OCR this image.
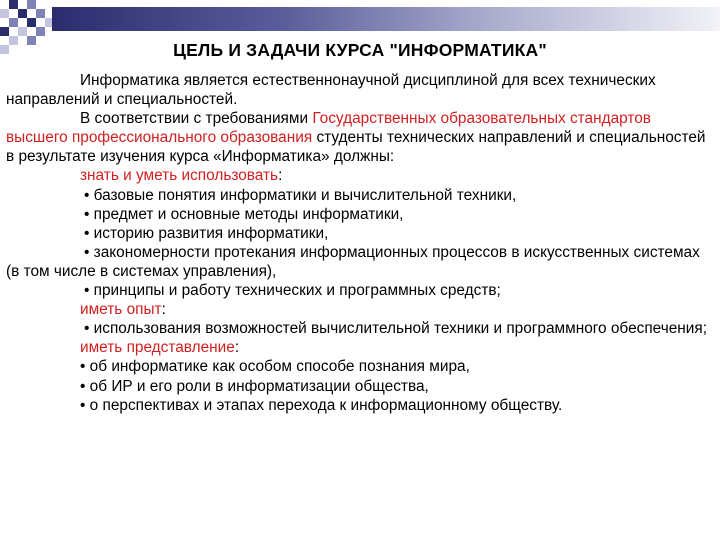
ЦЕЛЬ И ЗАДАЧИ КУРСА "ИНФОРМАТИКА"

Информатика является естественнонаучной дисциплиной для всех технических направлений и специальностей.

В соответствии с требованиями Государственных образовательных стандартов высшего профессионального образования студенты технических направлений и специальностей в результате изучения курса «Информатика» должны:

знать и уметь использовать:

• базовые понятия информатики и вычислительной техники,

• предмет и основные методы информатики,

• историю развития информатики,

• закономерности протекания информационных процессов в искусственных системах (в том числе в системах управления),

• принципы и работу технических и программных средств;

иметь опыт:

• использования возможностей вычислительной техники и программного обеспечения;

иметь представление:

• об информатике как особом способе познания мира,

• об ИР и его роли в информатизации общества,

• о перспективах и этапах перехода к информационному обществу.
